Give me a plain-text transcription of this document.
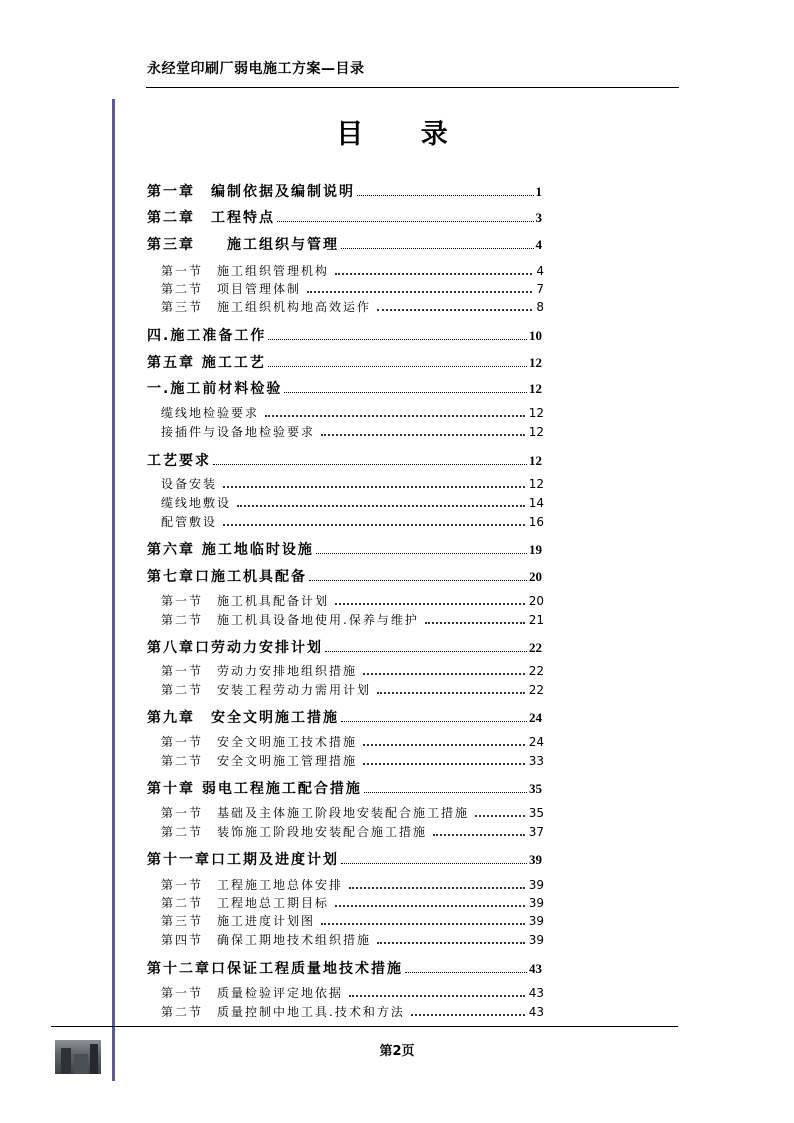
永经堂印刷厂弱电施工方案—目录
目 录
第一章　编制依据及编制说明	1
第二章　工程特点	3
第三章　　施工组织与管理	4
第一节　施工组织管理机构	4
第二节　项目管理体制	7
第三节　施工组织机构地高效运作	8
四.施工准备工作	10
第五章 施工工艺	12
一.施工前材料检验	12
缆线地检验要求	12
接插件与设备地检验要求	12
工艺要求	12
设备安装	12
缆线地敷设	14
配管敷设	16
第六章 施工地临时设施	19
第七章口施工机具配备	20
第一节　施工机具配备计划	20
第二节　施工机具设备地使用.保养与维护	21
第八章口劳动力安排计划	22
第一节　劳动力安排地组织措施	22
第二节　安装工程劳动力需用计划	22
第九章　安全文明施工措施	24
第一节　安全文明施工技术措施	24
第二节　安全文明施工管理措施	33
第十章 弱电工程施工配合措施	35
第一节　基础及主体施工阶段地安装配合施工措施	35
第二节　装饰施工阶段地安装配合施工措施	37
第十一章口工期及进度计划	39
第一节　工程施工地总体安排	39
第二节　工程地总工期目标	39
第三节　施工进度计划图	39
第四节　确保工期地技术组织措施	39
第十二章口保证工程质量地技术措施	43
第一节　质量检验评定地依据	43
第二节　质量控制中地工具.技术和方法	43
第2页
